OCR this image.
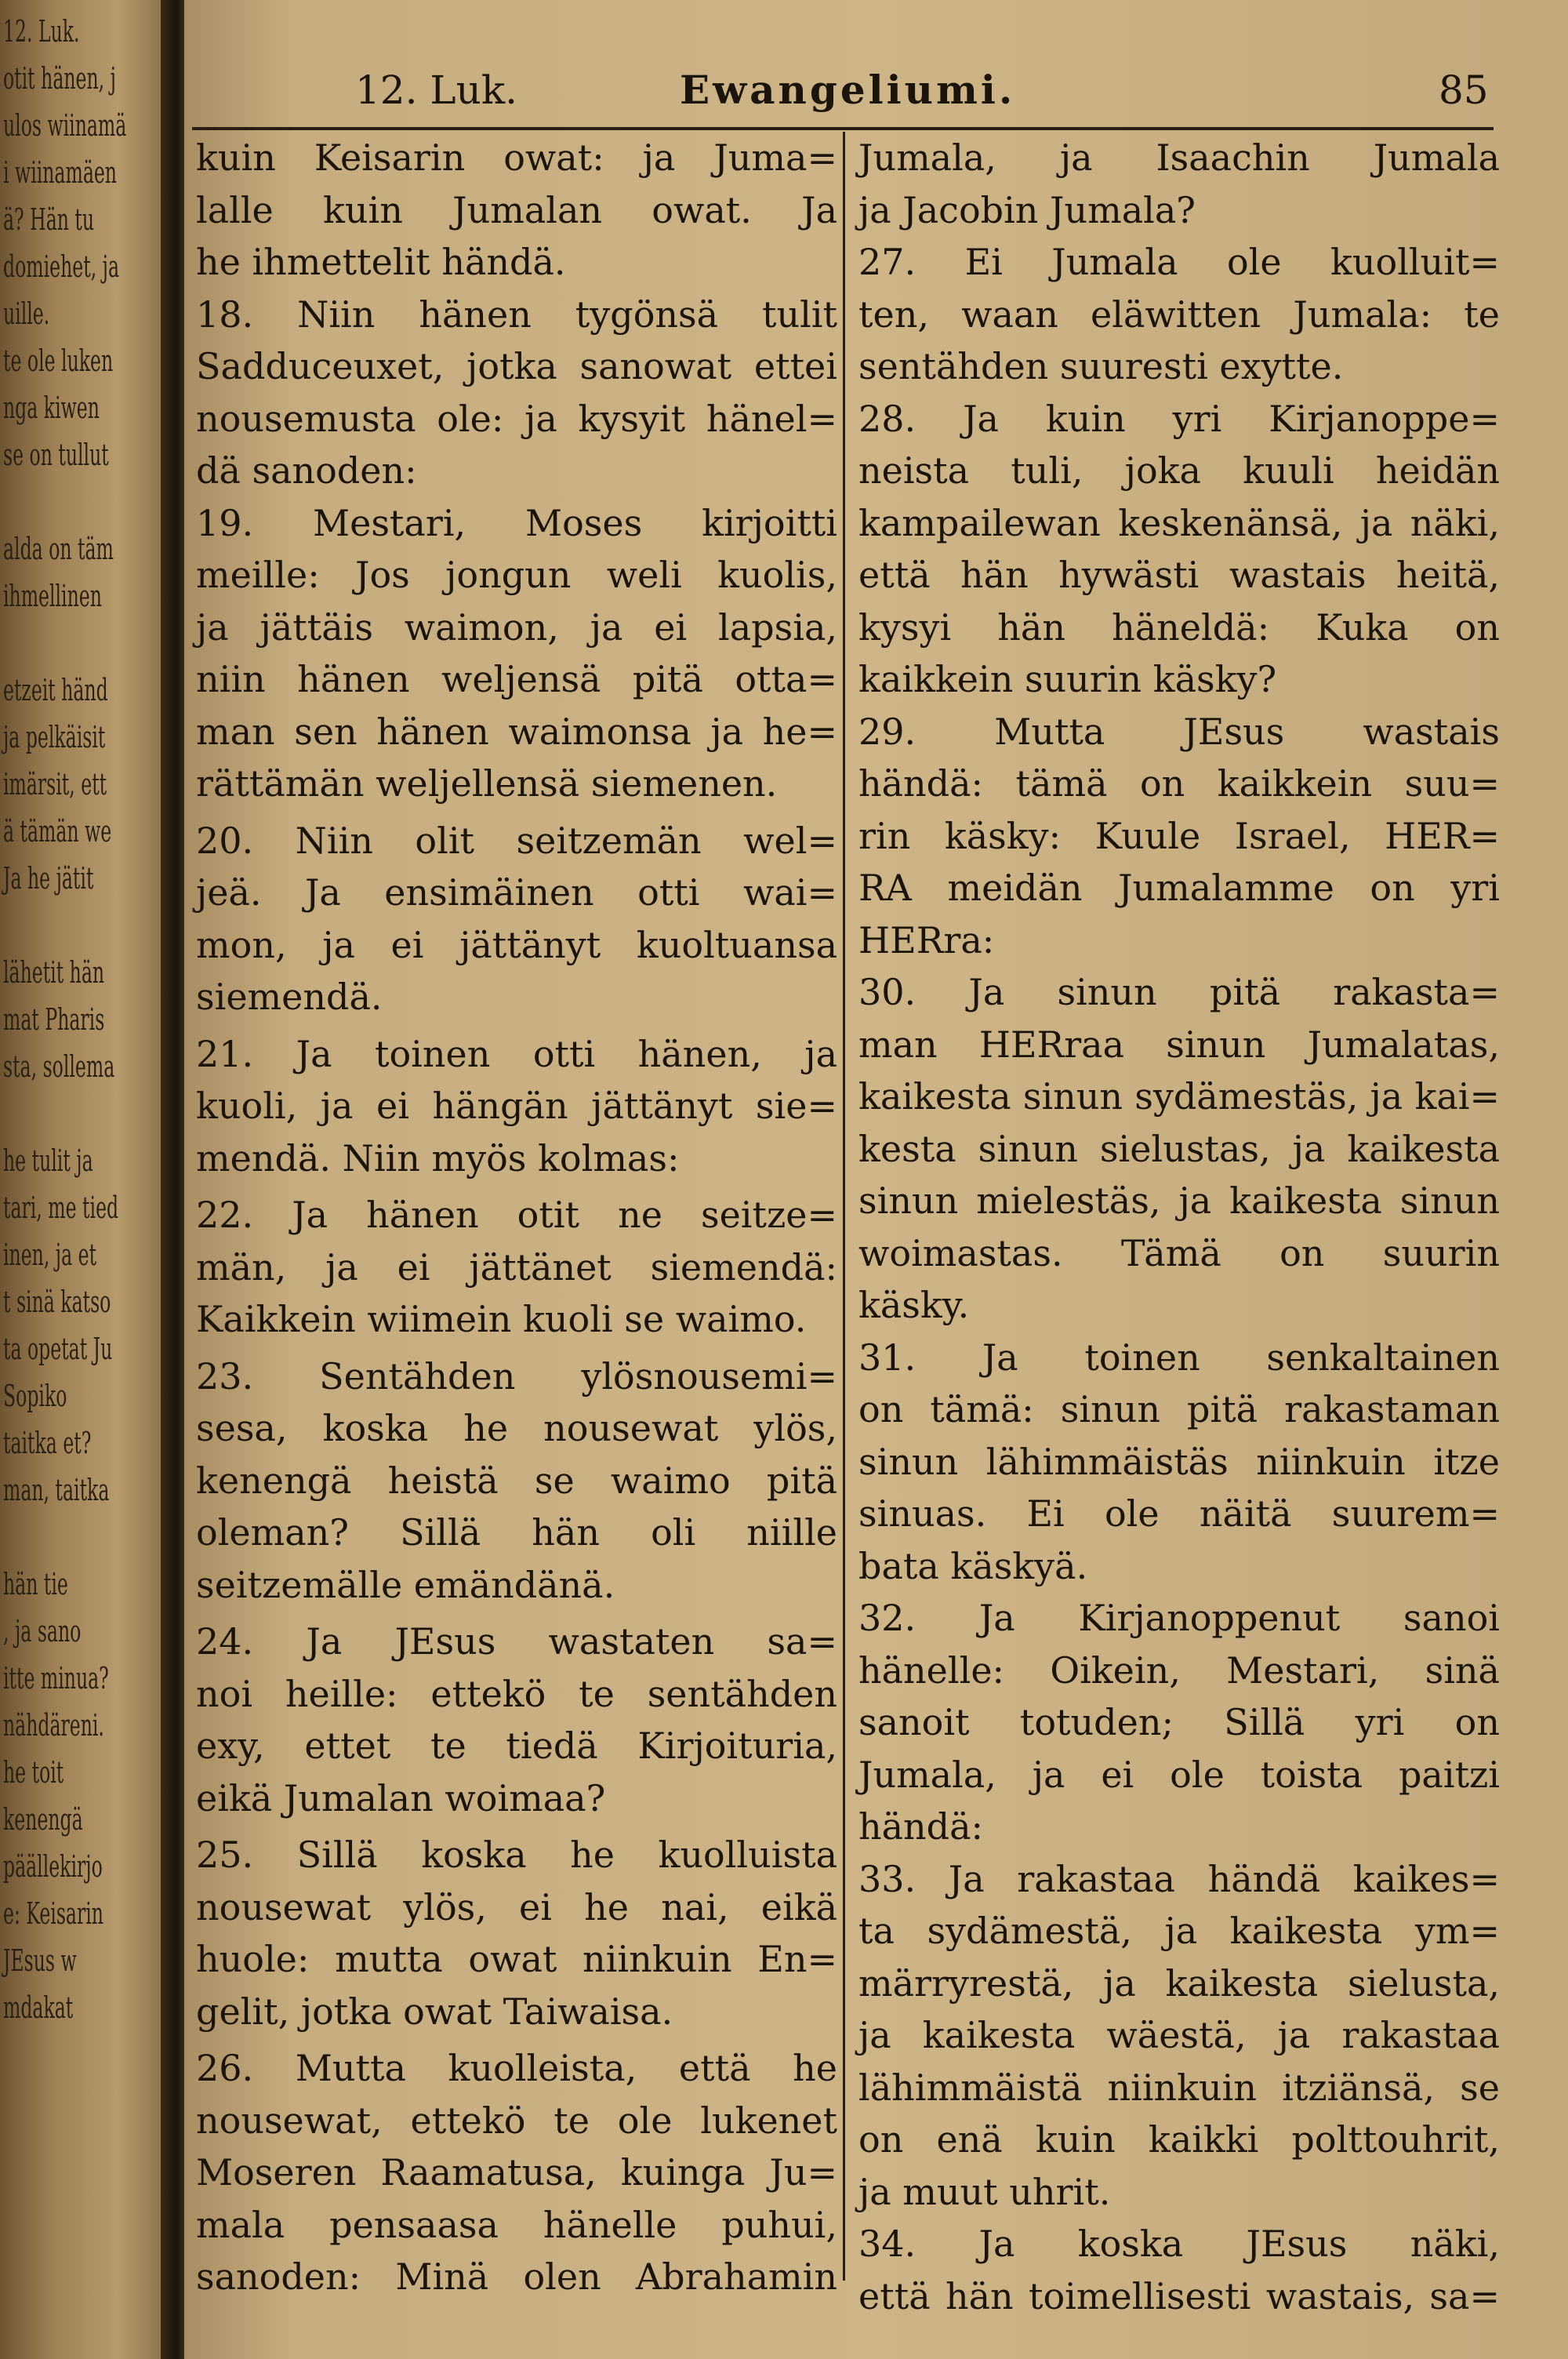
12. Luk.
otit hänen, j
ulos wiinamä
i wiinamäen
ä? Hän tu
domiehet, ja
uille.
te ole luken
nga kiwen
se on tullut
alda on täm
ihmellinen
etzeit händ
ja pelkäisit
imärsit, ett
ä tämän we
Ja he jätit
lähetit hän
mat Pharis
sta, sollema
he tulit ja
tari, me tied
inen, ja et
t sinä katso
ta opetat Ju
Sopiko
taitka et?
man, taitka
hän tie
, ja sano
itte minua?
nähdäreni.
he toit
kenengä
päällekirjo
e: Keisarin
JEsus w
mdakat
12. Luk.	Ewangeliumi.	85
kuin Keisarin owat: ja Juma=
lalle kuin Jumalan owat. Ja
he ihmettelit händä.
18. Niin hänen tygönsä tulit
Sadduceuxet, jotka sanowat ettei
nousemusta ole: ja kysyit hänel=
dä sanoden:
19. Mestari, Moses kirjoitti
meille: Jos jongun weli kuolis,
ja jättäis waimon, ja ei lapsia,
niin hänen weljensä pitä otta=
man sen hänen waimonsa ja he=
rättämän weljellensä siemenen.
20. Niin olit seitzemän wel=
jeä. Ja ensimäinen otti wai=
mon, ja ei jättänyt kuoltuansa
siemendä.
21. Ja toinen otti hänen, ja
kuoli, ja ei hängän jättänyt sie=
mendä. Niin myös kolmas:
22. Ja hänen otit ne seitze=
män, ja ei jättänet siemendä:
Kaikkein wiimein kuoli se waimo.
23. Sentähden ylösnousemi=
sesa, koska he nousewat ylös,
kenengä heistä se waimo pitä
oleman? Sillä hän oli niille
seitzemälle emändänä.
24. Ja JEsus wastaten sa=
noi heille: ettekö te sentähden
exy, ettet te tiedä Kirjoituria,
eikä Jumalan woimaa?
25. Sillä koska he kuolluista
nousewat ylös, ei he nai, eikä
huole: mutta owat niinkuin En=
gelit, jotka owat Taiwaisa.
26. Mutta kuolleista, että he
nousewat, ettekö te ole lukenet
Moseren Raamatusa, kuinga Ju=
mala pensaasa hänelle puhui,
sanoden: Minä olen Abrahamin
Jumala, ja Isaachin Jumala
ja Jacobin Jumala?
27. Ei Jumala ole kuolluit=
ten, waan eläwitten Jumala: te
sentähden suuresti exytte.
28. Ja kuin yri Kirjanoppe=
neista tuli, joka kuuli heidän
kampailewan keskenänsä, ja näki,
että hän hywästi wastais heitä,
kysyi hän häneldä: Kuka on
kaikkein suurin käsky?
29. Mutta JEsus wastais
händä: tämä on kaikkein suu=
rin käsky: Kuule Israel, HER=
RA meidän Jumalamme on yri
HERra:
30. Ja sinun pitä rakasta=
man HERraa sinun Jumalatas,
kaikesta sinun sydämestäs, ja kai=
kesta sinun sielustas, ja kaikesta
sinun mielestäs, ja kaikesta sinun
woimastas. Tämä on suurin
käsky.
31. Ja toinen senkaltainen
on tämä: sinun pitä rakastaman
sinun lähimmäistäs niinkuin itze
sinuas. Ei ole näitä suurem=
bata käskyä.
32. Ja Kirjanoppenut sanoi
hänelle: Oikein, Mestari, sinä
sanoit totuden; Sillä yri on
Jumala, ja ei ole toista paitzi
händä:
33. Ja rakastaa händä kaikes=
ta sydämestä, ja kaikesta ym=
märryrestä, ja kaikesta sielusta,
ja kaikesta wäestä, ja rakastaa
lähimmäistä niinkuin itziänsä, se
on enä kuin kaikki polttouhrit,
ja muut uhrit.
34. Ja koska JEsus näki,
että hän toimellisesti wastais, sa=
